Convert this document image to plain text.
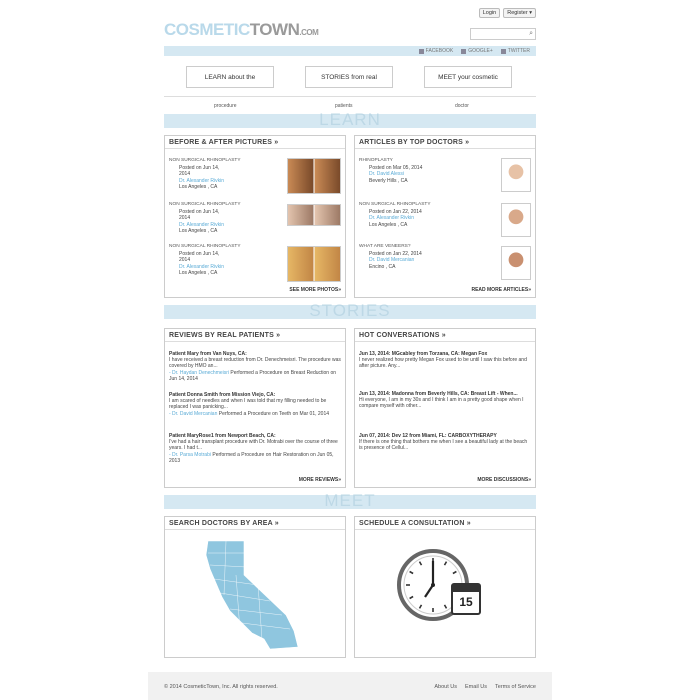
COSMETICTOWN.COM
Login	Register ▾
⌕
FACEBOOK	GOOGLE+	TWITTER
LEARN about the	STORIES from real	MEET your cosmetic
procedure	patients	doctor
LEARN
BEFORE & AFTER PICTURES »
NON SURGICAL RHINOPLASTY
Posted on Jun 14,
2014
Dr. Alexander Rivkin
Los Angeles , CA
NON SURGICAL RHINOPLASTY
Posted on Jun 14,
2014
Dr. Alexander Rivkin
Los Angeles , CA
NON SURGICAL RHINOPLASTY
Posted on Jun 14,
2014
Dr. Alexander Rivkin
Los Angeles , CA
SEE MORE PHOTOS»
ARTICLES BY TOP DOCTORS »
RHINOPLASTY
Posted on Mar 05, 2014
Dr. David Alessi
Beverly Hills , CA
NON SURGICAL RHINOPLASTY
Posted on Jan 22, 2014
Dr. Alexander Rivkin
Los Angeles , CA
WHAT ARE VENEERS?
Posted on Jan 22, 2014
Dr. David Mercanian
Encino , CA
READ MORE ARTICLES»
STORIES
REVIEWS BY REAL PATIENTS »
Patient Mary from Van Nuys, CA:
I have received a breast reduction from Dr. Denechmeisri. The procedure was covered by HMO an...
- Dr. Haydan Denechmeisri Performed a Procedure on Breast Reduction on Jun 14, 2014
Patient Donna Smith from Mission Viejo, CA:
I am scared of needles and when I was told that my filling needed to be replaced I was panicking...
- Dr. David Mercanian Performed a Procedure on Teeth on Mar 01, 2014
Patient MaryRose1 from Newport Beach, CA:
I've had a hair transplant procedure with Dr. Motrabi over the course of three years. I had t...
- Dr. Parsa Motrabi Performed a Procedure on Hair Restoration on Jun 05, 2013
MORE REVIEWS»
HOT CONVERSATIONS »
Jun 13, 2014: MGcabley from Torzana, CA: Megan Fox
I never realized how pretty Megan Fox used to be until I saw this before and after picture. Any...
Jun 13, 2014: Madonna from Beverly Hills, CA: Breast Lift - When...
Hi everyone, I am in my 30s and I think I am in a pretty good shape when I compare myself with other...
Jun 07, 2014: Dev 12 from Miami, FL: CARBOXYTHERAPY
If there is one thing that bothers me when I see a beautiful lady at the beach is presence of Cellul...
MORE DISCUSSIONS»
MEET
SEARCH DOCTORS BY AREA »	SCHEDULE A CONSULTATION »
15
© 2014 CosmeticTown, Inc. All rights reserved.	About Us Email Us Terms of Service
